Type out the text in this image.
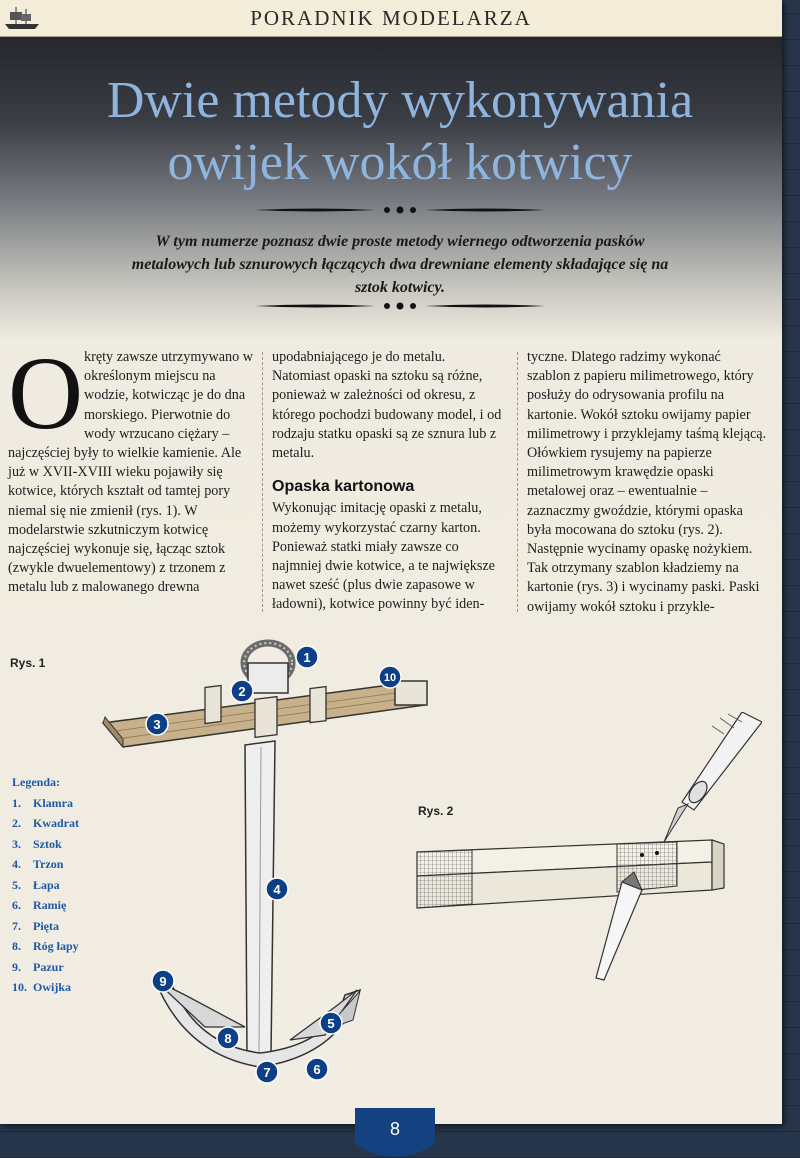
PORADNIK MODELARZA
Dwie metody wykonywania
owijek wokół kotwicy
W tym numerze poznasz dwie proste metody wiernego odtworzenia pasków metalowych lub sznurowych łączących dwa drewniane elementy składające się na sztok kotwicy.
Okręty zawsze utrzymywano w określonym miejscu na wodzie, kotwicząc je do dna morskiego. Pierwotnie do wody wrzucano ciężary – najczęściej były to wielkie kamienie. Ale już w XVII-XVIII wieku pojawiły się kotwice, których kształt od tamtej pory niemal się nie zmienił (rys. 1). W modelarstwie szkutniczym kotwicę najczęściej wykonuje się, łącząc sztok (zwykle dwuelementowy) z trzonem z metalu lub z malowanego drewna

upodabniającego je do metalu. Natomiast opaski na sztoku są różne, ponieważ w zależności od okresu, z którego pochodzi budowany model, i od rodzaju statku opaski są ze sznura lub z metalu.

Opaska kartonowa

Wykonując imitację opaski z metalu, możemy wykorzystać czarny karton. Ponieważ statki miały zawsze co najmniej dwie kotwice, a te największe nawet sześć (plus dwie zapasowe w ładowni), kotwice powinny być iden-

tyczne. Dlatego radzimy wykonać szablon z papieru milimetrowego, który posłuży do odrysowania profilu na kartonie. Wokół sztoku owijamy papier milimetrowy i przyklejamy taśmą klejącą. Ołówkiem rysujemy na papierze milimetrowym krawędzie opaski metalowej oraz – ewentualnie – zaznaczmy gwoździe, którymi opaska była mocowana do sztoku (rys. 2).

Następnie wycinamy opaskę nożykiem. Tak otrzymany szablon kładziemy na kartonie (rys. 3) i wycinamy paski. Paski owijamy wokół sztoku i przykle-

Rys. 1
Rys. 2
Legenda:
1. Klamra
2. Kwadrat
3. Sztok
4. Trzon
5. Łapa
6. Ramię
7. Pięta
8. Róg łapy
9. Pazur
10. Owijka
1
2
3
4
5
6
7
8
9
10
8
